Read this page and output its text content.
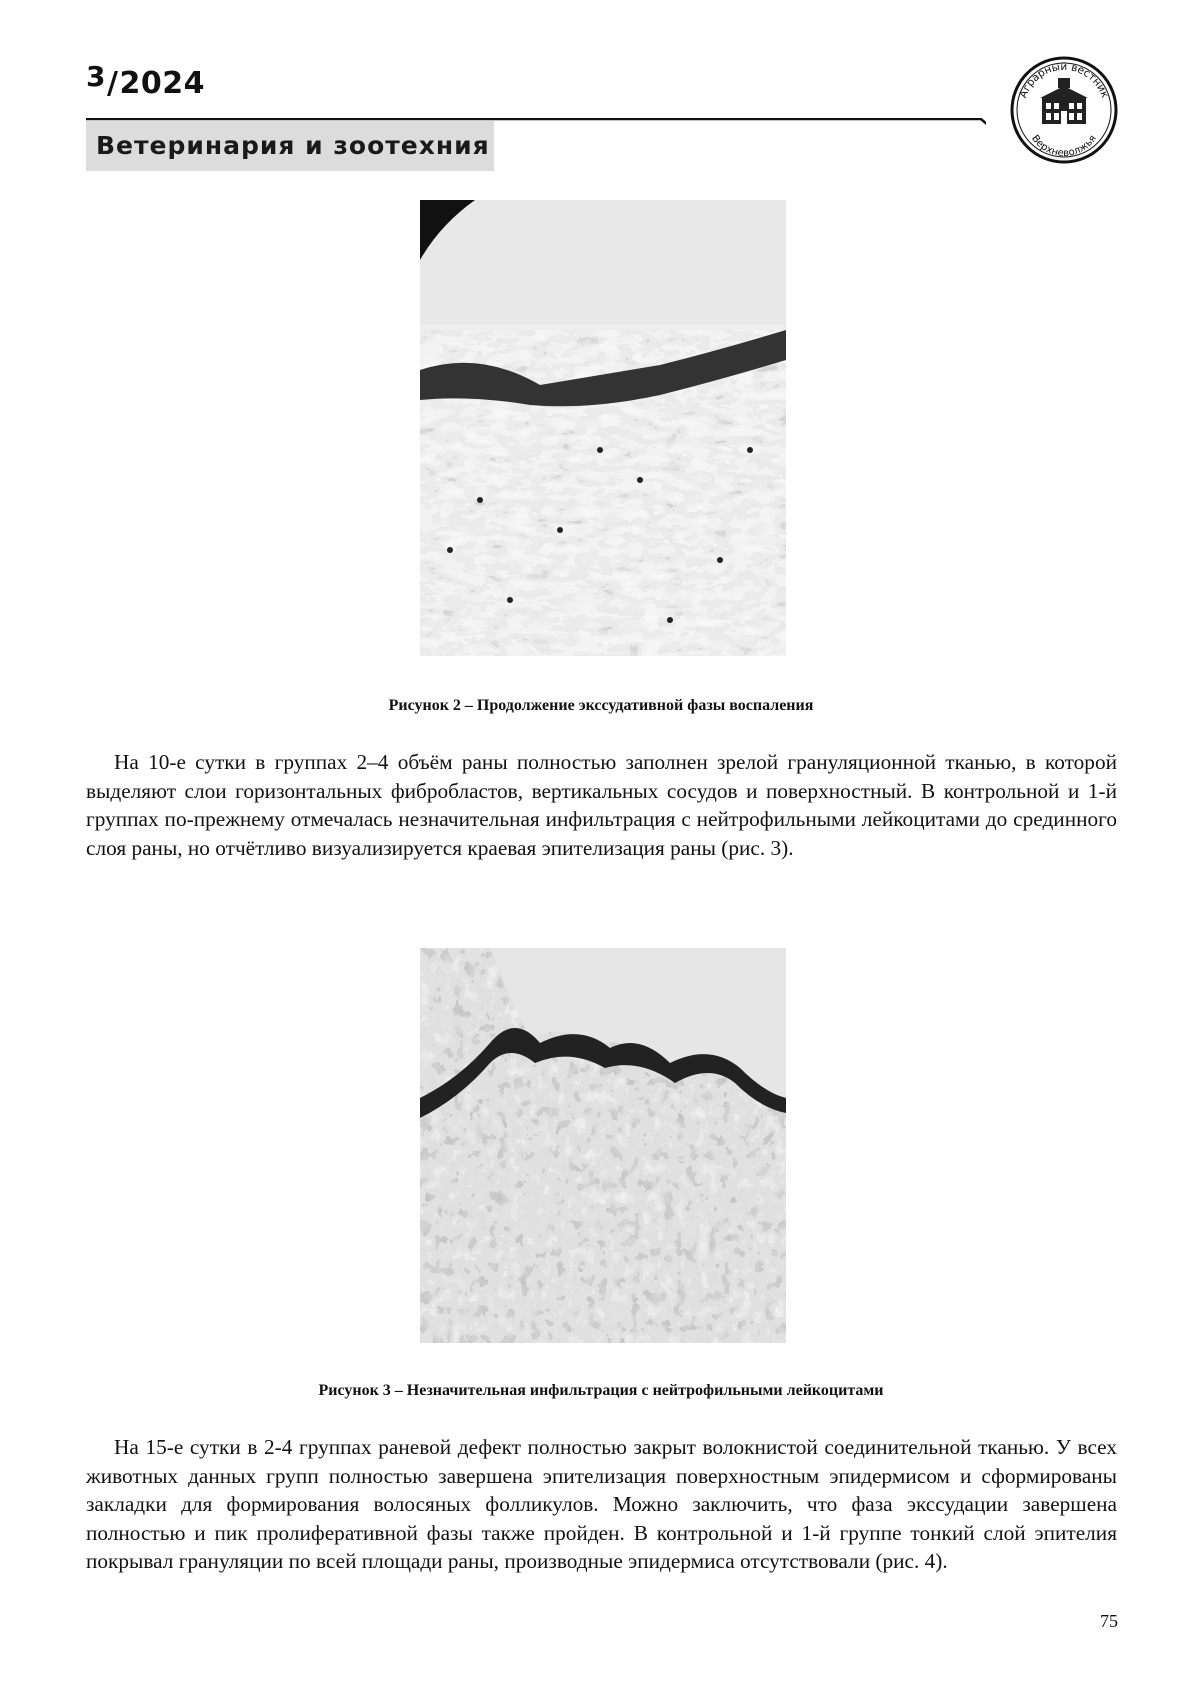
3/2024
Ветеринария и зоотехния
Аграрный вестник
Верхневолжья
Рисунок 2 – Продолжение экссудативной фазы воспаления

На 10-е сутки в группах 2–4 объём раны полностью заполнен зрелой грануляционной тканью, в которой выделяют слои горизонтальных фибробластов, вертикальных сосудов и поверхностный. В контрольной и 1-й группах по-прежнему отмечалась незначительная инфильтрация с нейтрофильными лейкоцитами до срединного слоя раны, но отчётливо визуализируется краевая эпителизация раны (рис. 3).

Рисунок 3 – Незначительная инфильтрация с нейтрофильными лейкоцитами

На 15-е сутки в 2-4 группах раневой дефект полностью закрыт волокнистой соединительной тканью. У всех животных данных групп полностью завершена эпителизация поверхностным эпидермисом и сформированы закладки для формирования волосяных фолликулов. Можно заключить, что фаза экссудации завершена полностью и пик пролиферативной фазы также пройден. В контрольной и 1-й группе тонкий слой эпителия покрывал грануляции по всей площади раны, производные эпидермиса отсутствовали (рис. 4).

75
